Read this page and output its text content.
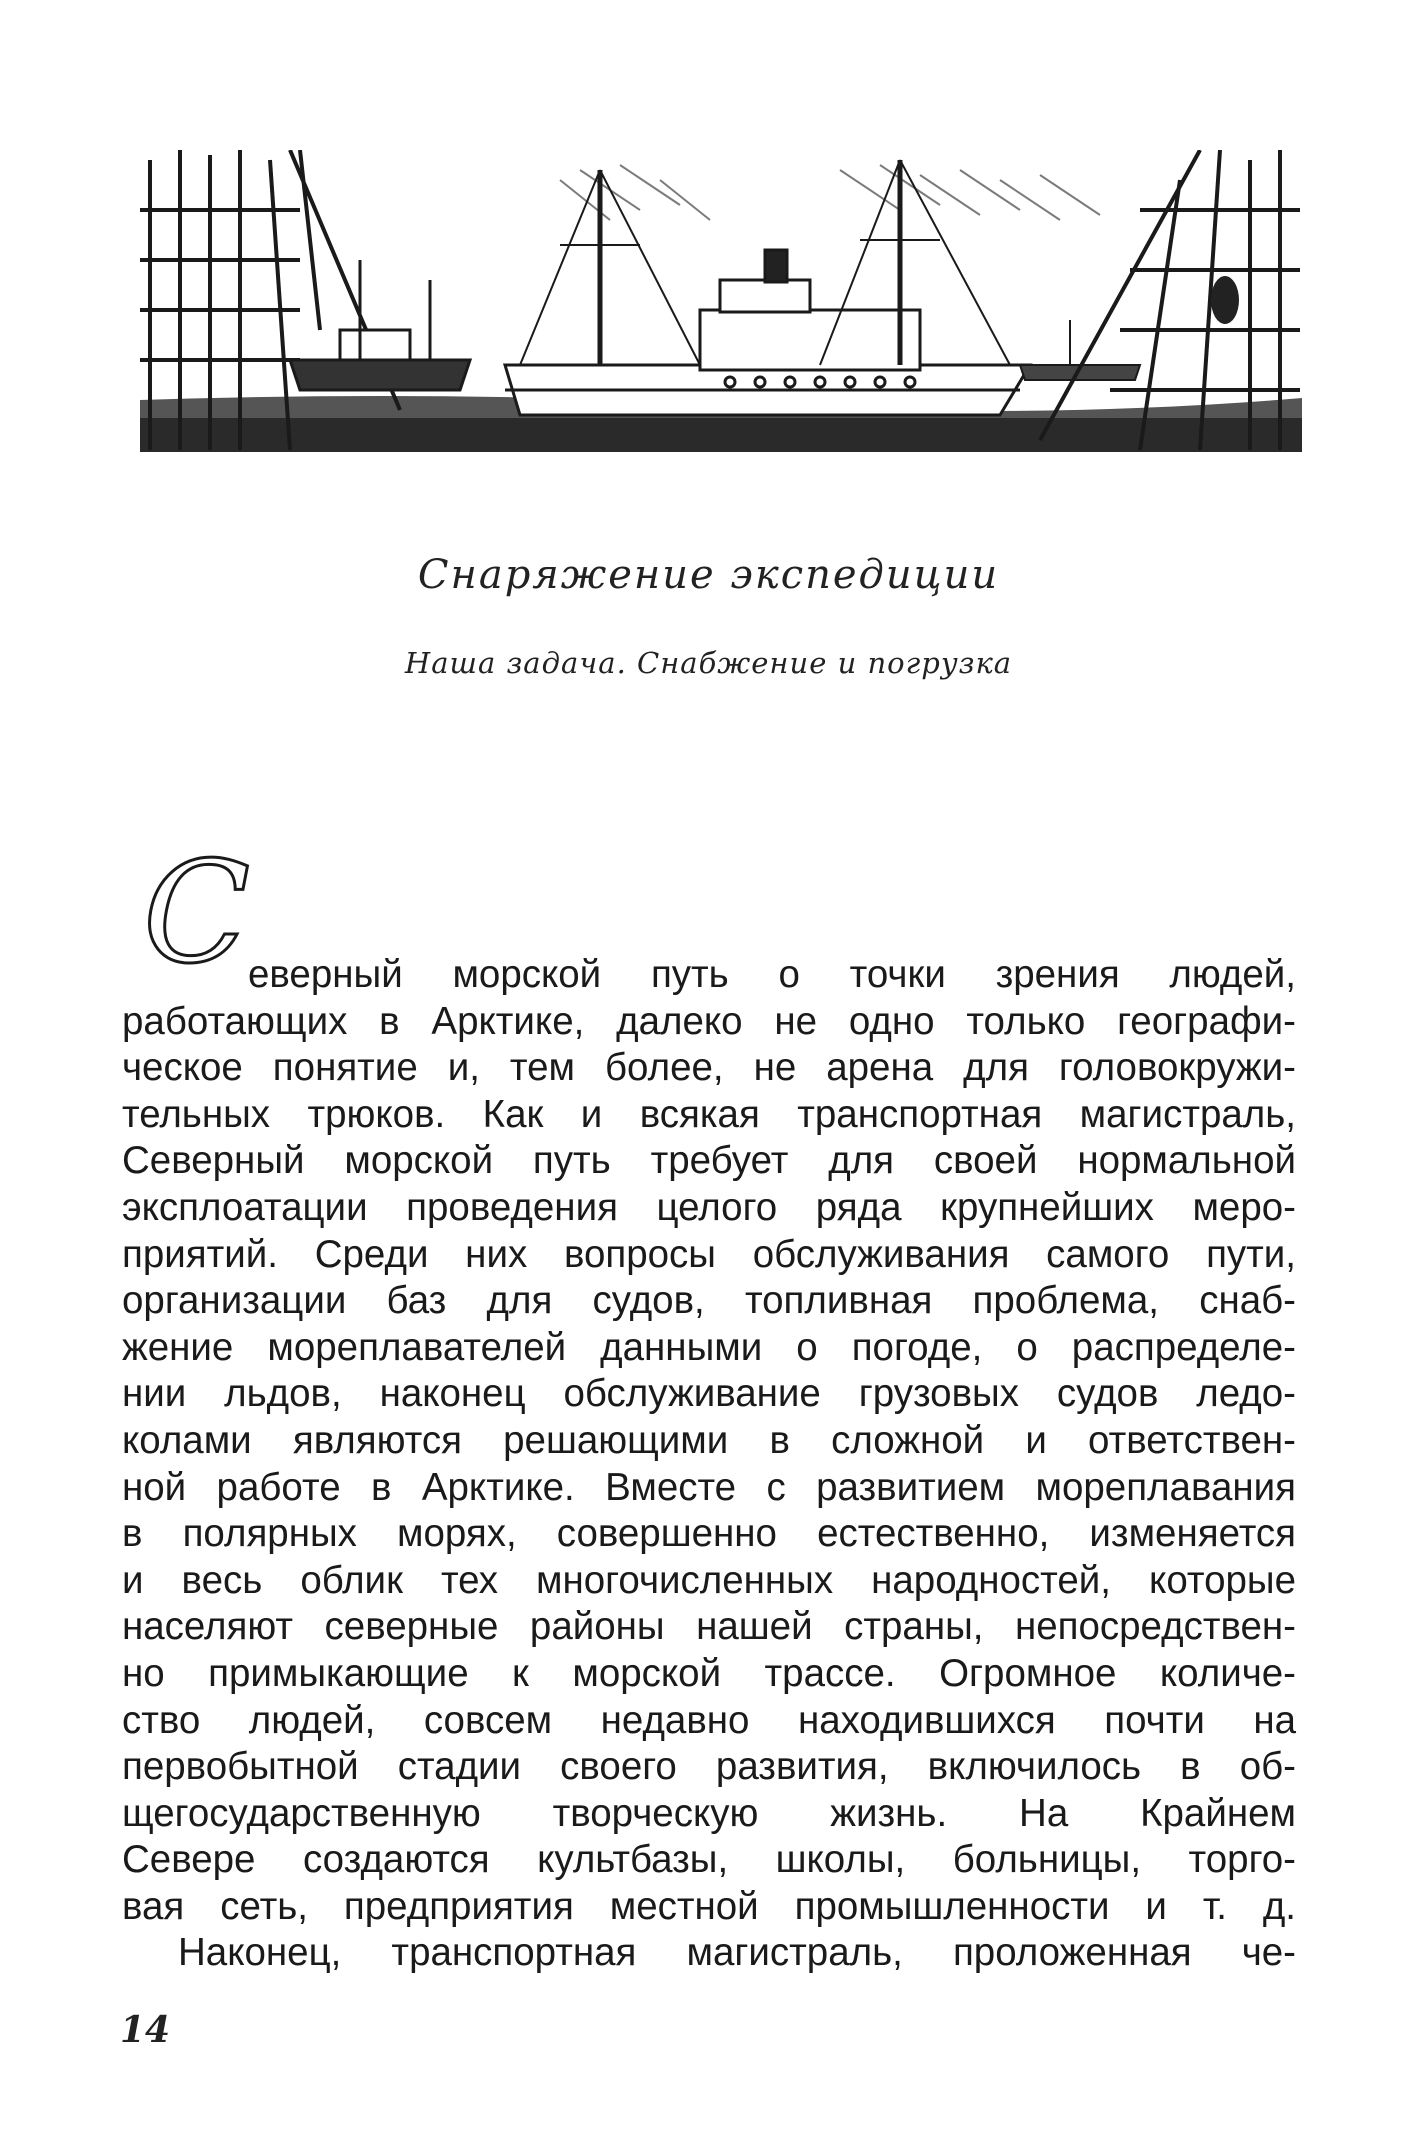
Снаряжение экспедиции
Наша задача. Снабжение и погрузка
С
еверный морской путь о точки зрения людей,
работающих в Арктике, далеко не одно только географи-
ческое понятие и, тем более, не арена для головокружи-
тельных трюков. Как и всякая транспортная магистраль,
Северный морской путь требует для своей нормальной
эксплоатации проведения целого ряда крупнейших меро-
приятий. Среди них вопросы обслуживания самого пути,
организации баз для судов, топливная проблема, снаб-
жение мореплавателей данными о погоде, о распределе-
нии льдов, наконец обслуживание грузовых судов ледо-
колами являются решающими в сложной и ответствен-
ной работе в Арктике. Вместе с развитием мореплавания
в полярных морях, совершенно естественно, изменяется
и весь облик тех многочисленных народностей, которые
населяют северные районы нашей страны, непосредствен-
но примыкающие к морской трассе. Огромное количе-
ство людей, совсем недавно находившихся почти на
первобытной стадии своего развития, включилось в об-
щегосударственную творческую жизнь. На Крайнем
Севере создаются культбазы, школы, больницы, торго-
вая сеть, предприятия местной промышленности и т. д.
Наконец, транспортная магистраль, проложенная че-
14
